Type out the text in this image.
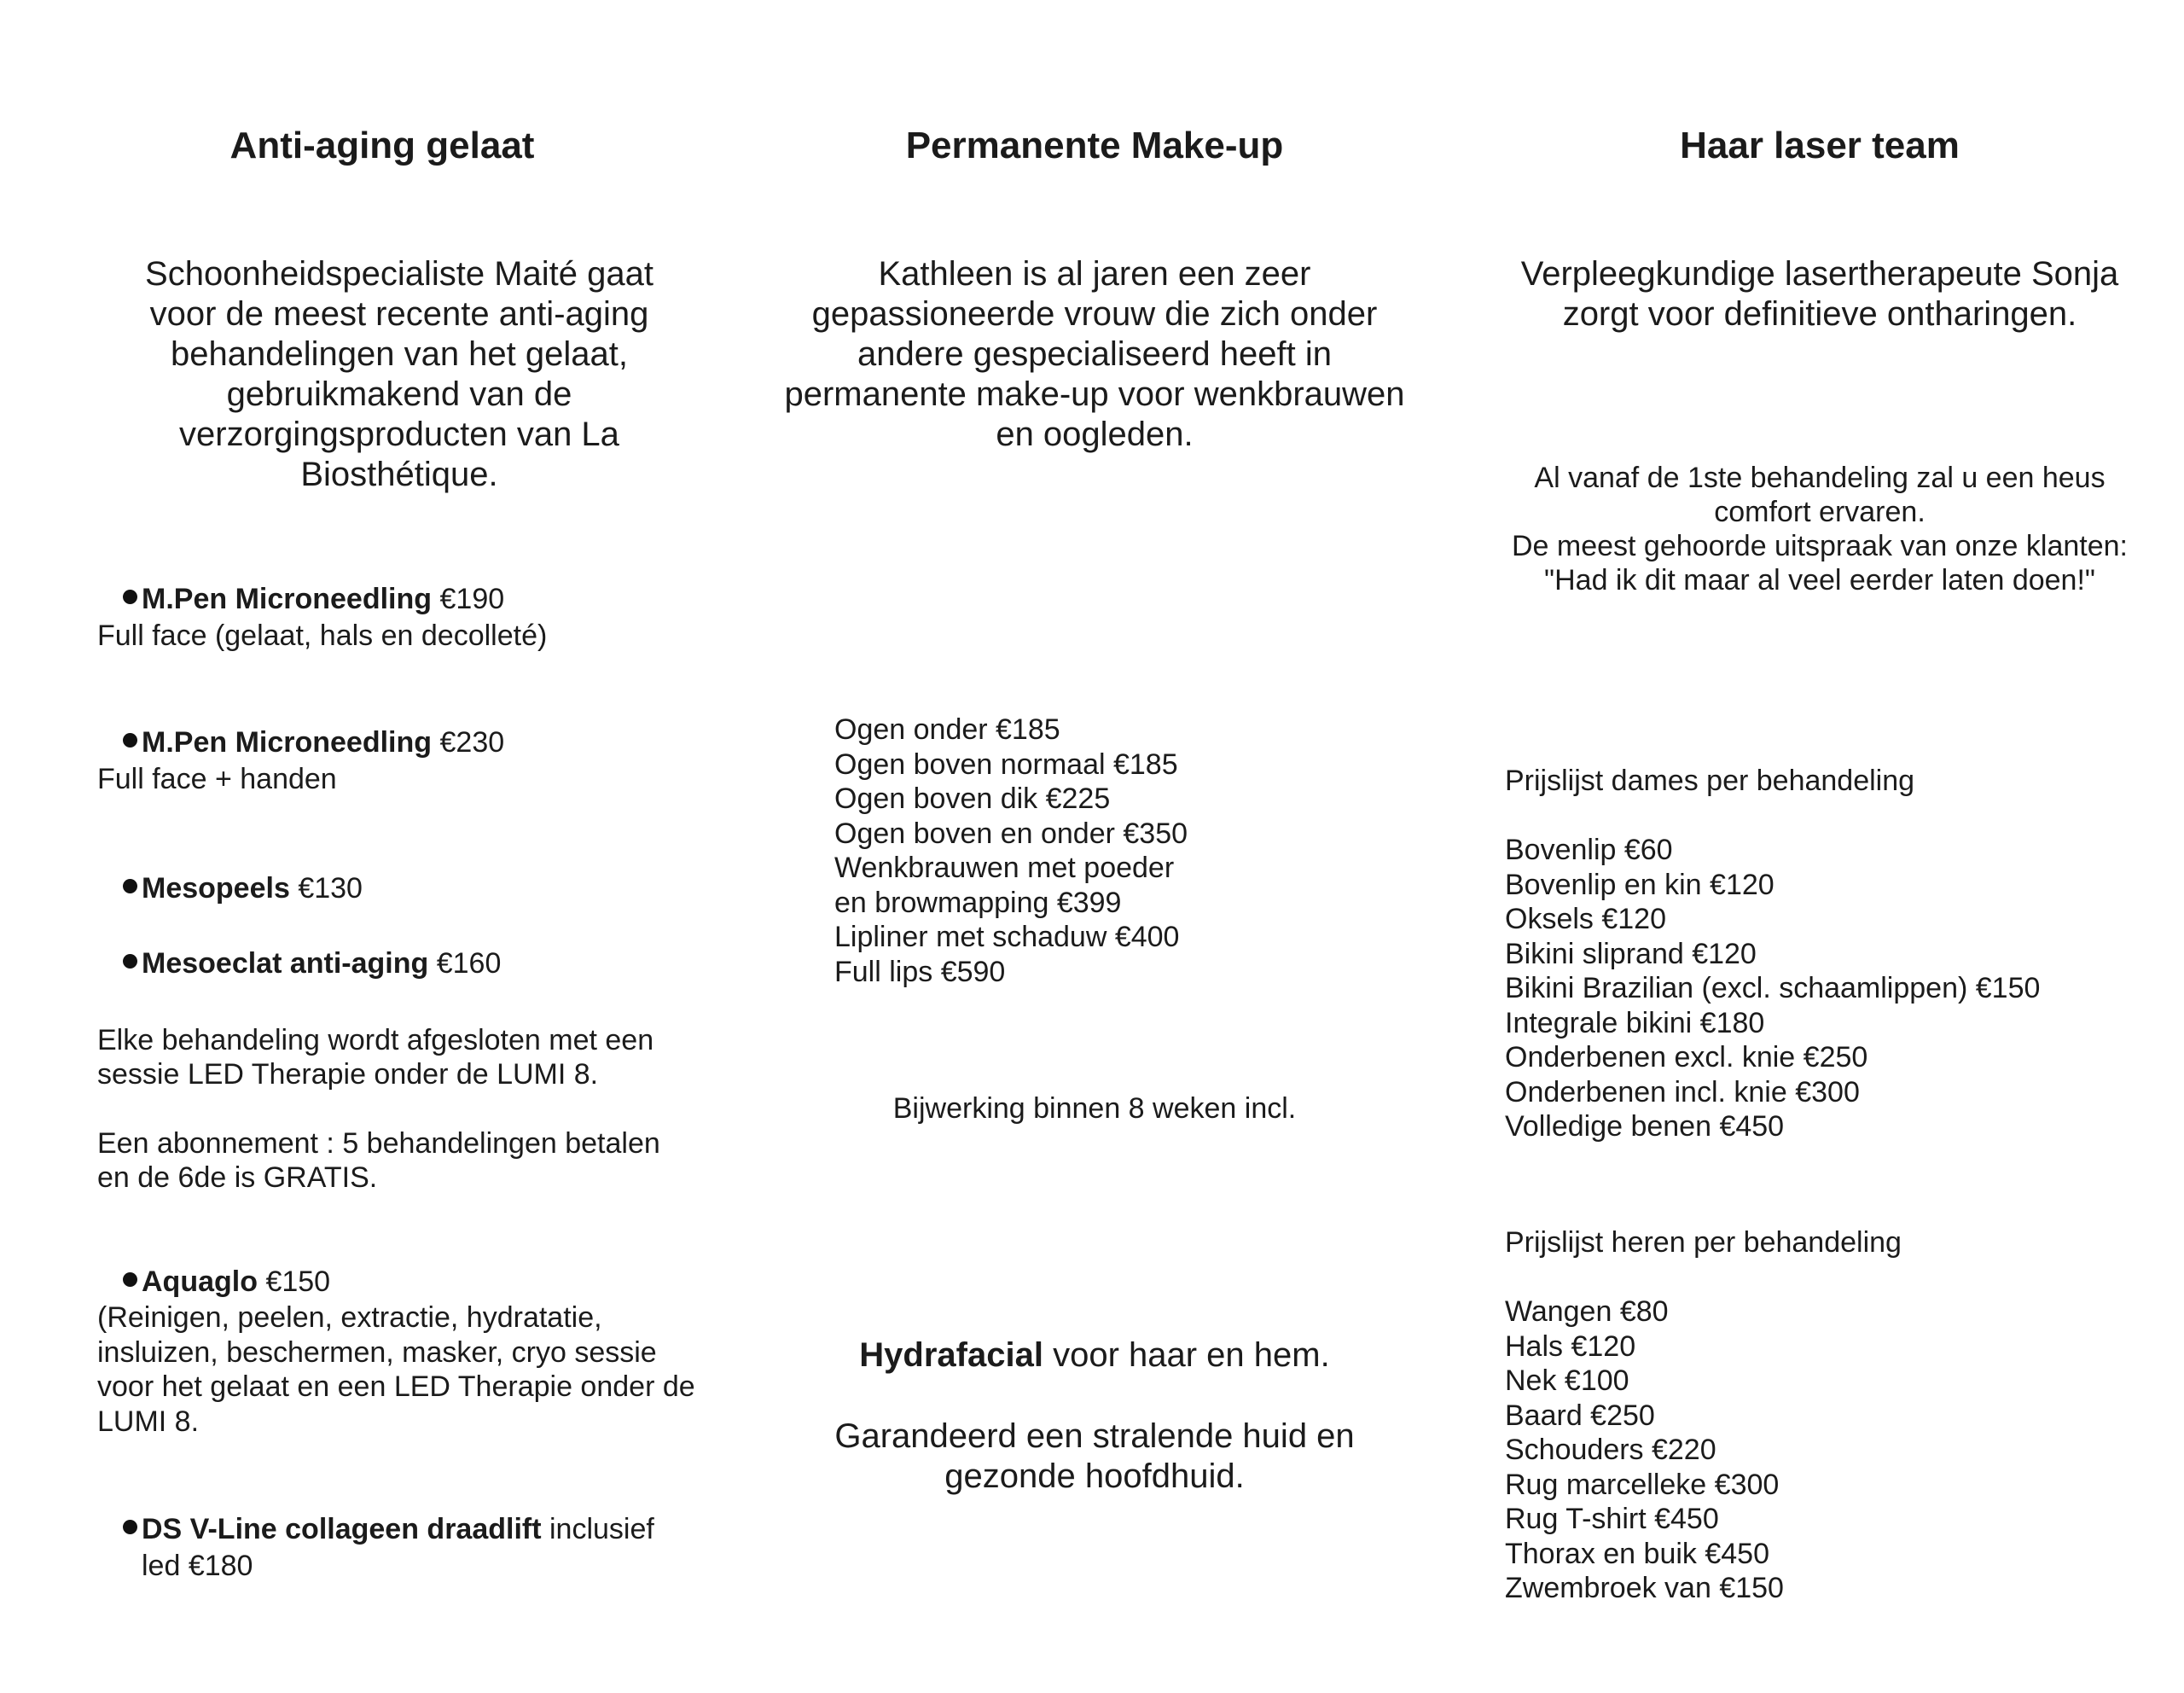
Anti-aging gelaat
Schoonheidspecialiste Maité gaat
voor de meest recente anti-aging
behandelingen van het gelaat,
gebruikmakend van de
verzorgingsproducten van La
Biosthétique.
M.Pen Microneedling €190
Full face (gelaat, hals en decolleté)
M.Pen Microneedling €230
Full face + handen
Mesopeels €130
Mesoeclat anti-aging €160
Elke behandeling wordt afgesloten met een
sessie LED Therapie onder de LUMI 8.
Een abonnement : 5 behandelingen betalen
en de 6de is GRATIS.
Aquaglo €150
(Reinigen, peelen, extractie, hydratatie,
insluizen, beschermen, masker, cryo sessie
voor het gelaat en een LED Therapie onder de
LUMI 8.
DS V-Line collageen draadlift inclusief
led €180
Permanente Make-up
Kathleen is al jaren een zeer
gepassioneerde vrouw die zich onder
andere gespecialiseerd heeft in
permanente make-up voor wenkbrauwen
en oogleden.
Ogen onder €185
Ogen boven normaal €185
Ogen boven dik €225
Ogen boven en onder €350
Wenkbrauwen met poeder
en browmapping €399
Lipliner met schaduw €400
Full lips €590
Bijwerking binnen 8 weken incl.
Hydrafacial voor haar en hem.
Garandeerd een stralende huid en
gezonde hoofdhuid.
Haar laser team
Verpleegkundige lasertherapeute Sonja
zorgt voor definitieve ontharingen.
Al vanaf de 1ste behandeling zal u een heus
comfort ervaren.
De meest gehoorde uitspraak van onze klanten:
"Had ik dit maar al veel eerder laten doen!"
Prijslijst dames per behandeling
Bovenlip €60
Bovenlip en kin €120
Oksels €120
Bikini sliprand €120
Bikini Brazilian (excl. schaamlippen) €150
Integrale bikini €180
Onderbenen excl. knie €250
Onderbenen incl. knie €300
Volledige benen €450
Prijslijst heren per behandeling
Wangen €80
Hals €120
Nek €100
Baard €250
Schouders €220
Rug marcelleke €300
Rug T-shirt €450
Thorax en buik €450
Zwembroek van €150
